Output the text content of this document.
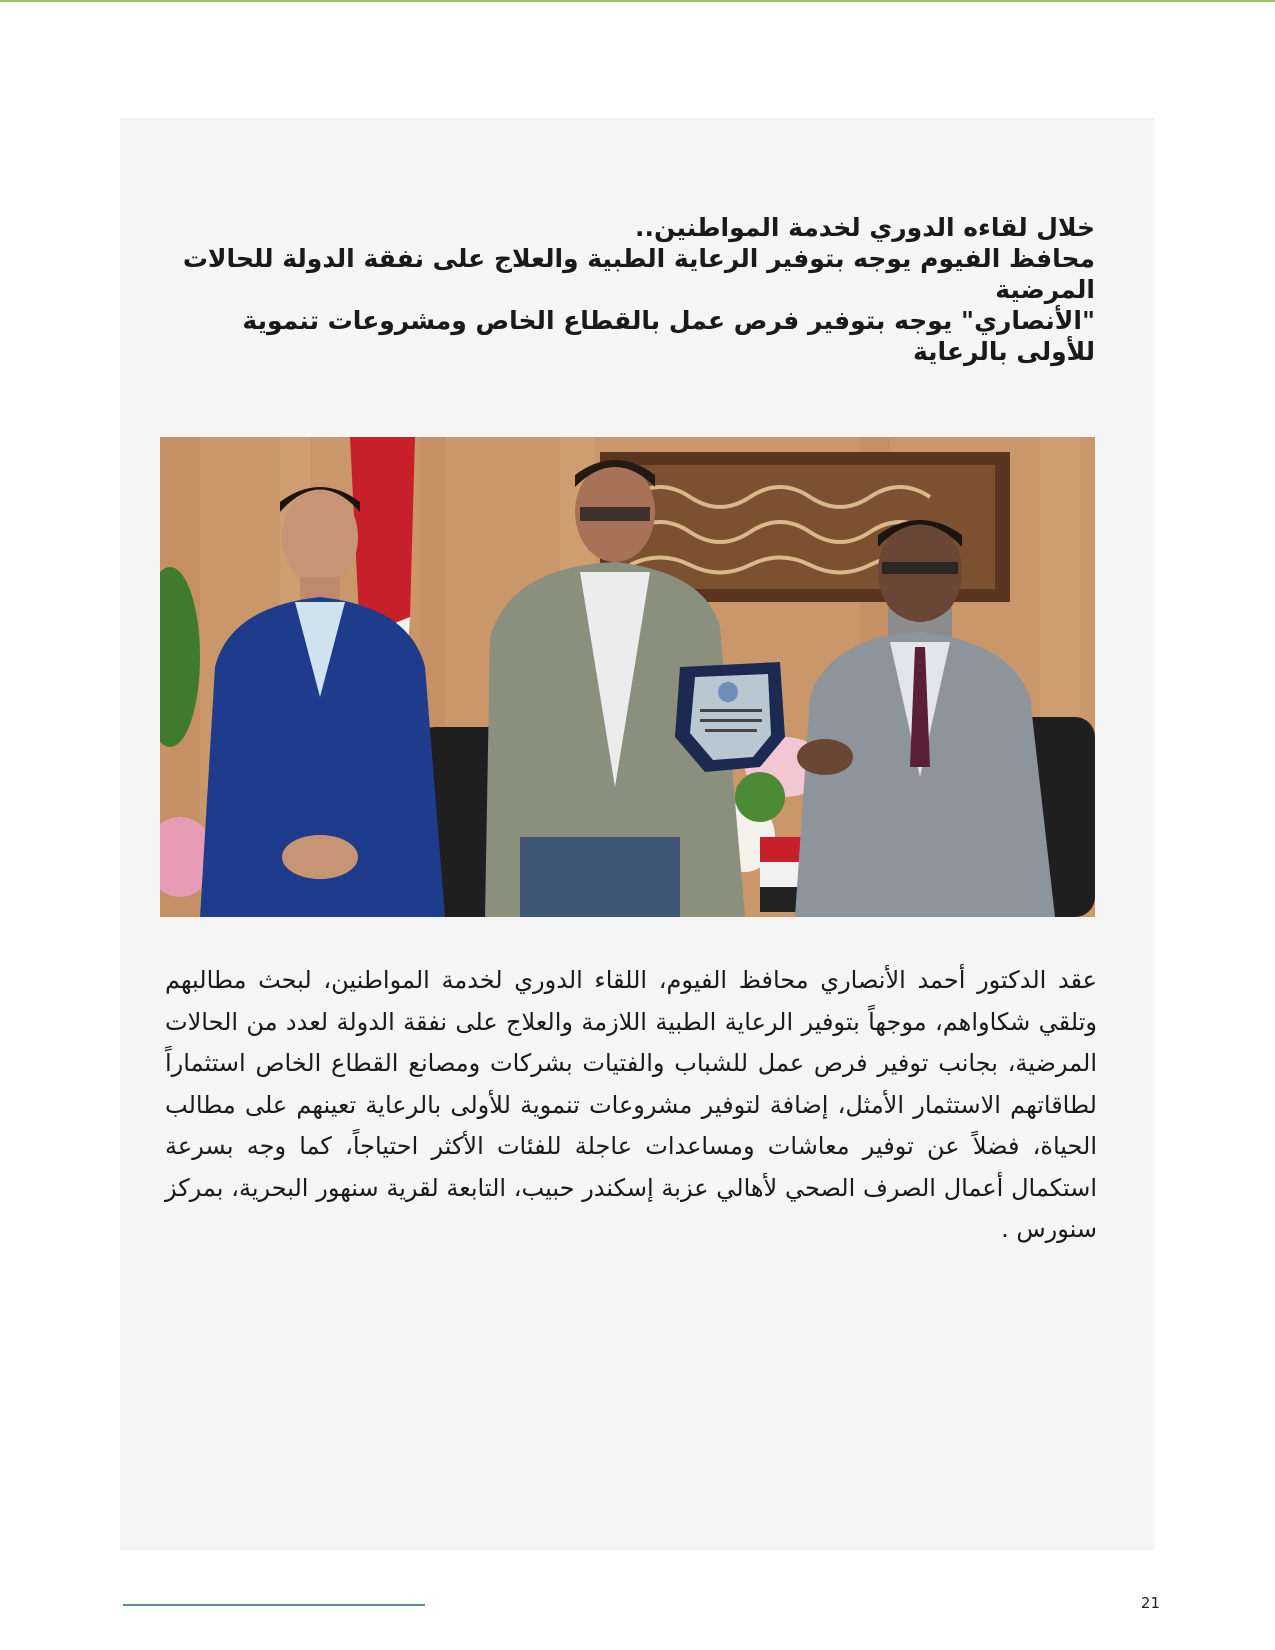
خلال لقاءه الدوري لخدمة المواطنين..
محافظ الفيوم يوجه بتوفير الرعاية الطبية والعلاج على نفقة الدولة للحالات المرضية
"الأنصاري" يوجه بتوفير فرص عمل بالقطاع الخاص ومشروعات تنموية للأولى بالرعاية
عقد الدكتور أحمد الأنصاري محافظ الفيوم، اللقاء الدوري لخدمة المواطنين، لبحث مطالبهم وتلقي شكاواهم، موجهاً بتوفير الرعاية الطبية اللازمة والعلاج على نفقة الدولة لعدد من الحالات المرضية، بجانب توفير فرص عمل للشباب والفتيات بشركات ومصانع القطاع الخاص استثماراً لطاقاتهم الاستثمار الأمثل، إضافة لتوفير مشروعات تنموية للأولى بالرعاية تعينهم على مطالب الحياة، فضلاً عن توفير معاشات ومساعدات عاجلة للفئات الأكثر احتياجاً، كما وجه بسرعة استكمال أعمال الصرف الصحي لأهالي عزبة إسكندر حبيب، التابعة لقرية سنهور البحرية، بمركز سنورس .
21
